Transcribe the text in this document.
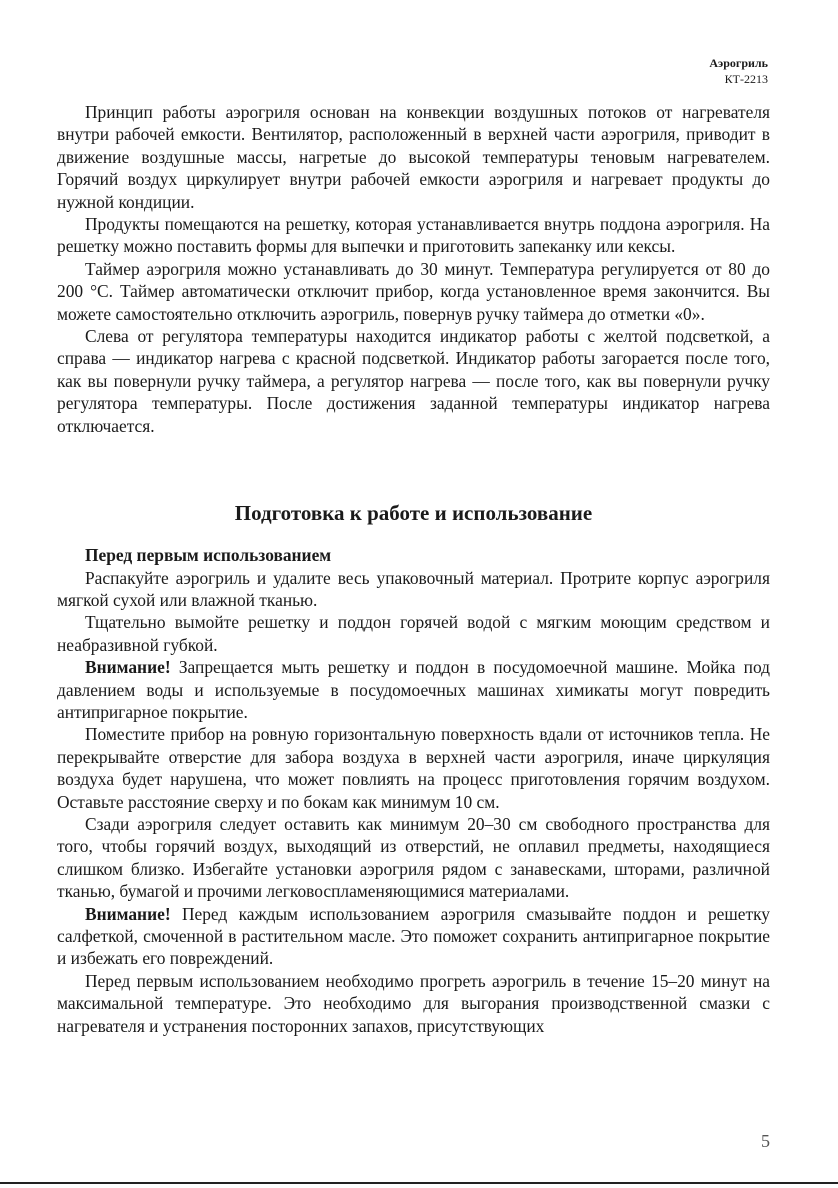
Аэрогриль
КТ-2213

Принцип работы аэрогриля основан на конвекции воздушных потоков от нагревателя внутри рабочей емкости. Вентилятор, расположенный в верхней части аэрогриля, приводит в движение воздушные массы, нагретые до высокой температуры теновым нагревателем. Горячий воздух циркулирует внутри рабочей емкости аэрогриля и нагревает продукты до нужной кондиции.

Продукты помещаются на решетку, которая устанавливается внутрь поддона аэрогриля. На решетку можно поставить формы для выпечки и приготовить запеканку или кексы.

Таймер аэрогриля можно устанавливать до 30 минут. Температура регулируется от 80 до 200 °С. Таймер автоматически отключит прибор, когда установленное время закончится. Вы можете самостоятельно отключить аэрогриль, повернув ручку таймера до отметки «0».

Слева от регулятора температуры находится индикатор работы с желтой подсветкой, а справа — индикатор нагрева с красной подсветкой. Индикатор работы загорается после того, как вы повернули ручку таймера, а регулятор нагрева — после того, как вы повернули ручку регулятора температуры. После достижения заданной температуры индикатор нагрева отключается.

Подготовка к работе и использование
Перед первым использованием

Распакуйте аэрогриль и удалите весь упаковочный материал. Протрите корпус аэрогриля мягкой сухой или влажной тканью.

Тщательно вымойте решетку и поддон горячей водой с мягким моющим средством и неабразивной губкой.

Внимание! Запрещается мыть решетку и поддон в посудомоечной машине. Мойка под давлением воды и используемые в посудомоечных машинах химикаты могут повредить антипригарное покрытие.

Поместите прибор на ровную горизонтальную поверхность вдали от источников тепла. Не перекрывайте отверстие для забора воздуха в верхней части аэрогриля, иначе циркуляция воздуха будет нарушена, что может повлиять на процесс приготовления горячим воздухом. Оставьте расстояние сверху и по бокам как минимум 10 см.

Сзади аэрогриля следует оставить как минимум 20–30 см свободного пространства для того, чтобы горячий воздух, выходящий из отверстий, не оплавил предметы, находящиеся слишком близко. Избегайте установки аэрогриля рядом с занавесками, шторами, различной тканью, бумагой и прочими легковоспламеняющимися материалами.

Внимание! Перед каждым использованием аэрогриля смазывайте поддон и решетку салфеткой, смоченной в растительном масле. Это поможет сохранить антипригарное покрытие и избежать его повреждений.

Перед первым использованием необходимо прогреть аэрогриль в течение 15–20 минут на максимальной температуре. Это необходимо для выгорания производственной смазки с нагревателя и устранения посторонних запахов, присутствующих

5
